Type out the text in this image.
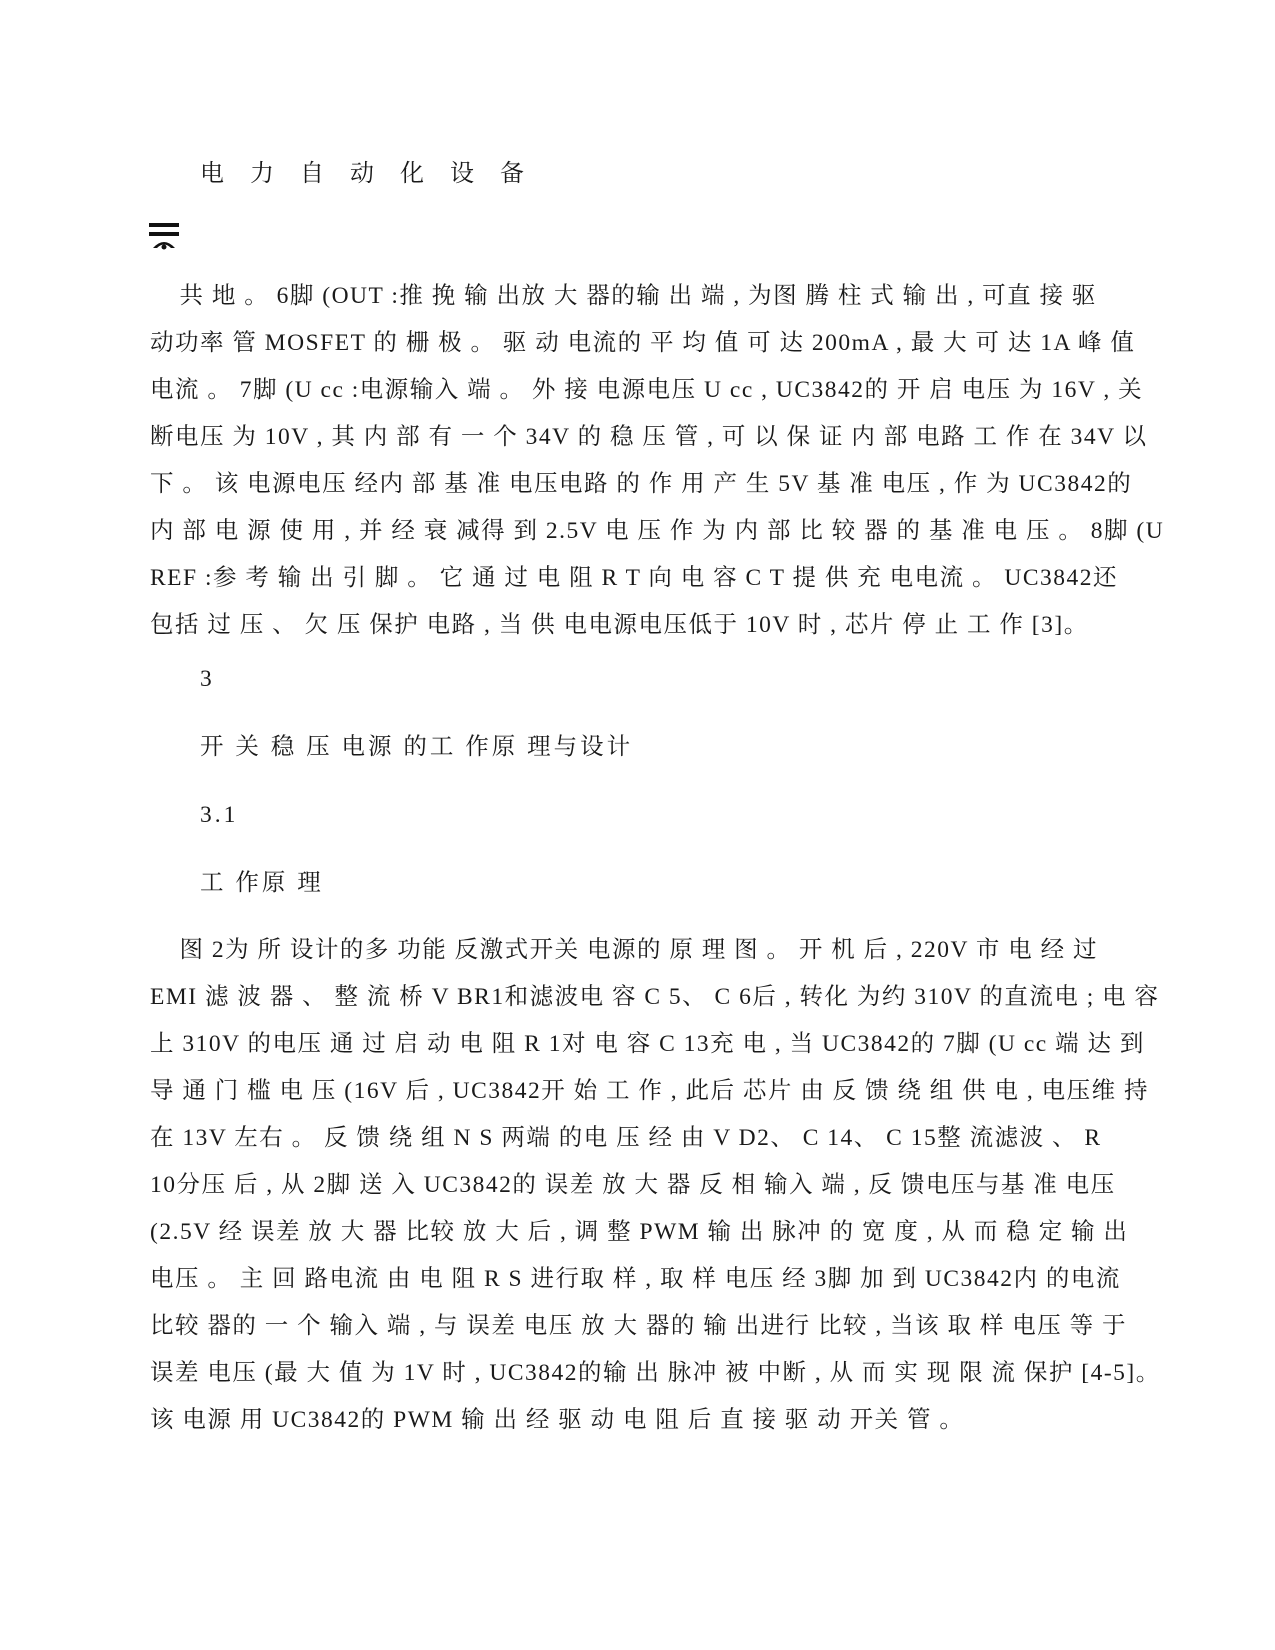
电 力 自 动 化 设 备
共 地 。 6脚 (OUT :推 挽 输 出放 大 器的输 出 端 , 为图 腾 柱 式 输 出 , 可直 接 驱
动功率 管 MOSFET 的 栅 极 。 驱 动 电流的 平 均 值 可 达 200mA , 最 大 可 达 1A 峰 值
电流 。 7脚 (U cc :电源输入 端 。 外 接 电源电压 U cc , UC3842的 开 启 电压 为 16V , 关
断电压 为 10V , 其 内 部 有 一 个 34V 的 稳 压 管 , 可 以 保 证 内 部 电路 工 作 在 34V 以
下 。 该 电源电压 经内 部 基 准 电压电路 的 作 用 产 生 5V 基 准 电压 , 作 为 UC3842的
内 部 电 源 使 用 , 并 经 衰 减得 到 2.5V 电 压 作 为 内 部 比 较 器 的 基 准 电 压 。 8脚 (U
REF :参 考 输 出 引 脚 。 它 通 过 电 阻 R T 向 电 容 C T 提 供 充 电电流 。 UC3842还
包括 过 压 、 欠 压 保护 电路 , 当 供 电电源电压低于 10V 时 , 芯片 停 止 工 作 [3]。
3
开 关 稳 压 电源 的工 作原 理与设计
3.1
工 作原 理
图 2为 所 设计的多 功能 反激式开关 电源的 原 理 图 。 开 机 后 , 220V 市 电 经 过
EMI 滤 波 器 、 整 流 桥 V BR1和滤波电 容 C 5、 C 6后 , 转化 为约 310V 的直流电 ; 电 容
上 310V 的电压 通 过 启 动 电 阻 R 1对 电 容 C 13充 电 , 当 UC3842的 7脚 (U cc 端 达 到
导 通 门 槛 电 压 (16V 后 , UC3842开 始 工 作 , 此后 芯片 由 反 馈 绕 组 供 电 , 电压维 持
在 13V 左右 。 反 馈 绕 组 N S 两端 的电 压 经 由 V D2、 C 14、 C 15整 流滤波 、 R
10分压 后 , 从 2脚 送 入 UC3842的 误差 放 大 器 反 相 输入 端 , 反 馈电压与基 准 电压
(2.5V 经 误差 放 大 器 比较 放 大 后 , 调 整 PWM 输 出 脉冲 的 宽 度 , 从 而 稳 定 输 出
电压 。 主 回 路电流 由 电 阻 R S 进行取 样 , 取 样 电压 经 3脚 加 到 UC3842内 的电流
比较 器的 一 个 输入 端 , 与 误差 电压 放 大 器的 输 出进行 比较 , 当该 取 样 电压 等 于
误差 电压 (最 大 值 为 1V 时 , UC3842的输 出 脉冲 被 中断 , 从 而 实 现 限 流 保护 [4-5]。
该 电源 用 UC3842的 PWM 输 出 经 驱 动 电 阻 后 直 接 驱 动 开关 管 。
